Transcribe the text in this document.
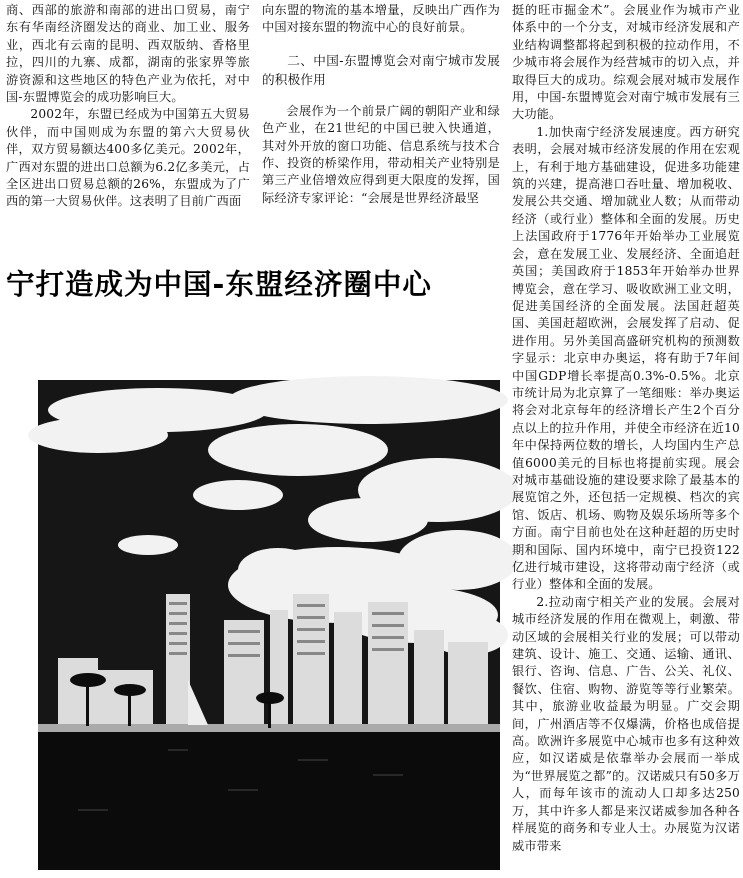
商、西部的旅游和南部的进出口贸易，南宁东有华南经济圈发达的商业、加工业、服务业，西北有云南的昆明、西双版纳、香格里拉，四川的九寨、成都，湖南的张家界等旅游资源和这些地区的特色产业为依托，对中国-东盟博览会的成功影响巨大。

2002年，东盟已经成为中国第五大贸易伙伴，而中国则成为东盟的第六大贸易伙伴，双方贸易额达400多亿美元。2002年，广西对东盟的进出口总额为6.2亿多美元，占全区进出口贸易总额的26%，东盟成为了广西的第一大贸易伙伴。这表明了目前广西面

向东盟的物流的基本增量，反映出广西作为中国对接东盟的物流中心的良好前景。

二、中国-东盟博览会对南宁城市发展的积极作用

会展作为一个前景广阔的朝阳产业和绿色产业，在21世纪的中国已驶入快通道，其对外开放的窗口功能、信息系统与技术合作、投资的桥梁作用，带动相关产业特别是第三产业倍增效应得到更大限度的发挥，国际经济专家评论：“会展是世界经济最坚

宁打造成为中国-东盟经济圈中心

挺的旺市掘金术”。会展业作为城市产业体系中的一个分支，对城市经济发展和产业结构调整都将起到积极的拉动作用，不少城市将会展作为经营城市的切入点，并取得巨大的成功。综观会展对城市发展作用，中国-东盟博览会对南宁城市发展有三大功能。

1.加快南宁经济发展速度。西方研究表明，会展对城市经济发展的作用在宏观上，有利于地方基础建设，促进多功能建筑的兴建，提高港口吞吐量、增加税收、发展公共交通、增加就业人数；从而带动经济（或行业）整体和全面的发展。历史上法国政府于1776年开始举办工业展览会，意在发展工业、发展经济、全面追赶英国；美国政府于1853年开始举办世界博览会，意在学习、吸收欧洲工业文明，促进美国经济的全面发展。法国赶超英国、美国赶超欧洲，会展发挥了启动、促进作用。另外美国高盛研究机构的预测数字显示：北京申办奥运，将有助于7年间中国GDP增长率提高0.3%-0.5%。北京市统计局为北京算了一笔细账：举办奥运将会对北京每年的经济增长产生2个百分点以上的拉升作用，并使全市经济在近10年中保持两位数的增长，人均国内生产总值6000美元的目标也将提前实现。展会对城市基础设施的建设要求除了最基本的展览馆之外，还包括一定规模、档次的宾馆、饭店、机场、购物及娱乐场所等多个方面。南宁目前也处在这种赶超的历史时期和国际、国内环境中，南宁已投资122亿进行城市建设，这将带动南宁经济（或行业）整体和全面的发展。

2.拉动南宁相关产业的发展。会展对城市经济发展的作用在微观上，刺激、带动区域的会展相关行业的发展；可以带动建筑、设计、施工、交通、运输、通讯、银行、咨询、信息、广告、公关、礼仪、餐饮、住宿、购物、游览等等行业繁荣。其中，旅游业收益最为明显。广交会期间，广州酒店等不仅爆满，价格也成倍提高。欧洲许多展览中心城市也多有这种效应，如汉诺威是依靠举办会展而一举成为“世界展览之都”的。汉诺威只有50多万人，而每年该市的流动人口却多达250万，其中许多人都是来汉诺威参加各种各样展览的商务和专业人士。办展览为汉诺威市带来
